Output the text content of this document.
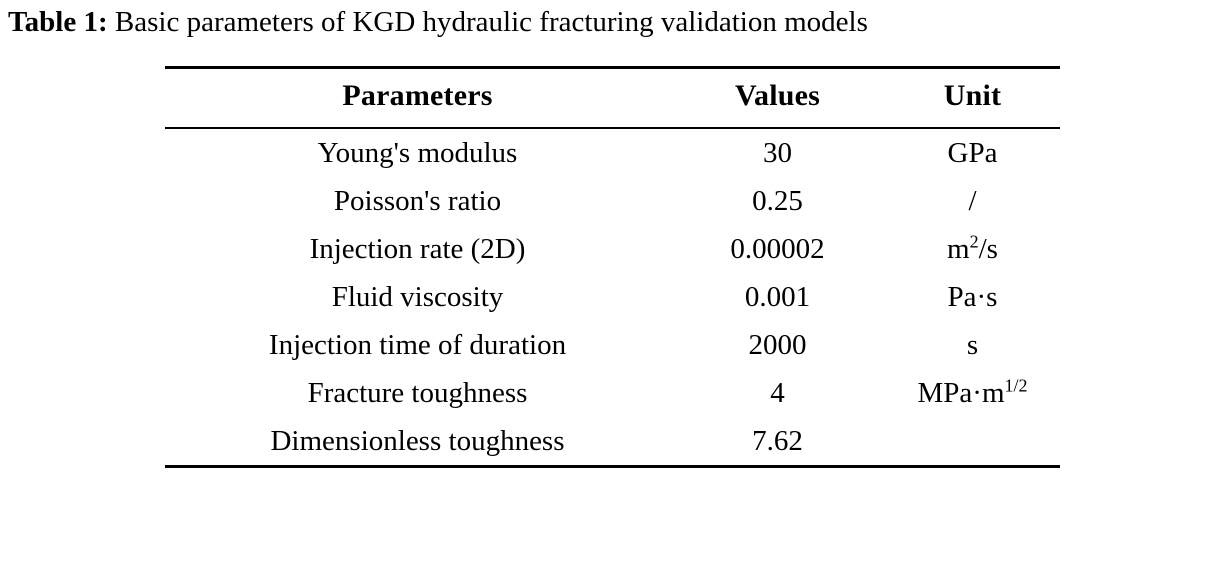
Table 1: Basic parameters of KGD hydraulic fracturing validation models
Parameters	Values	Unit
Young's modulus	30	GPa
Poisson's ratio	0.25	/
Injection rate (2D)	0.00002	$m^2/s$
Fluid viscosity	0.001	Pa·s
Injection time of duration	2000	s
Fracture toughness	4	$MPa\cdot m^{1/2}$
Dimensionless toughness	7.62	
